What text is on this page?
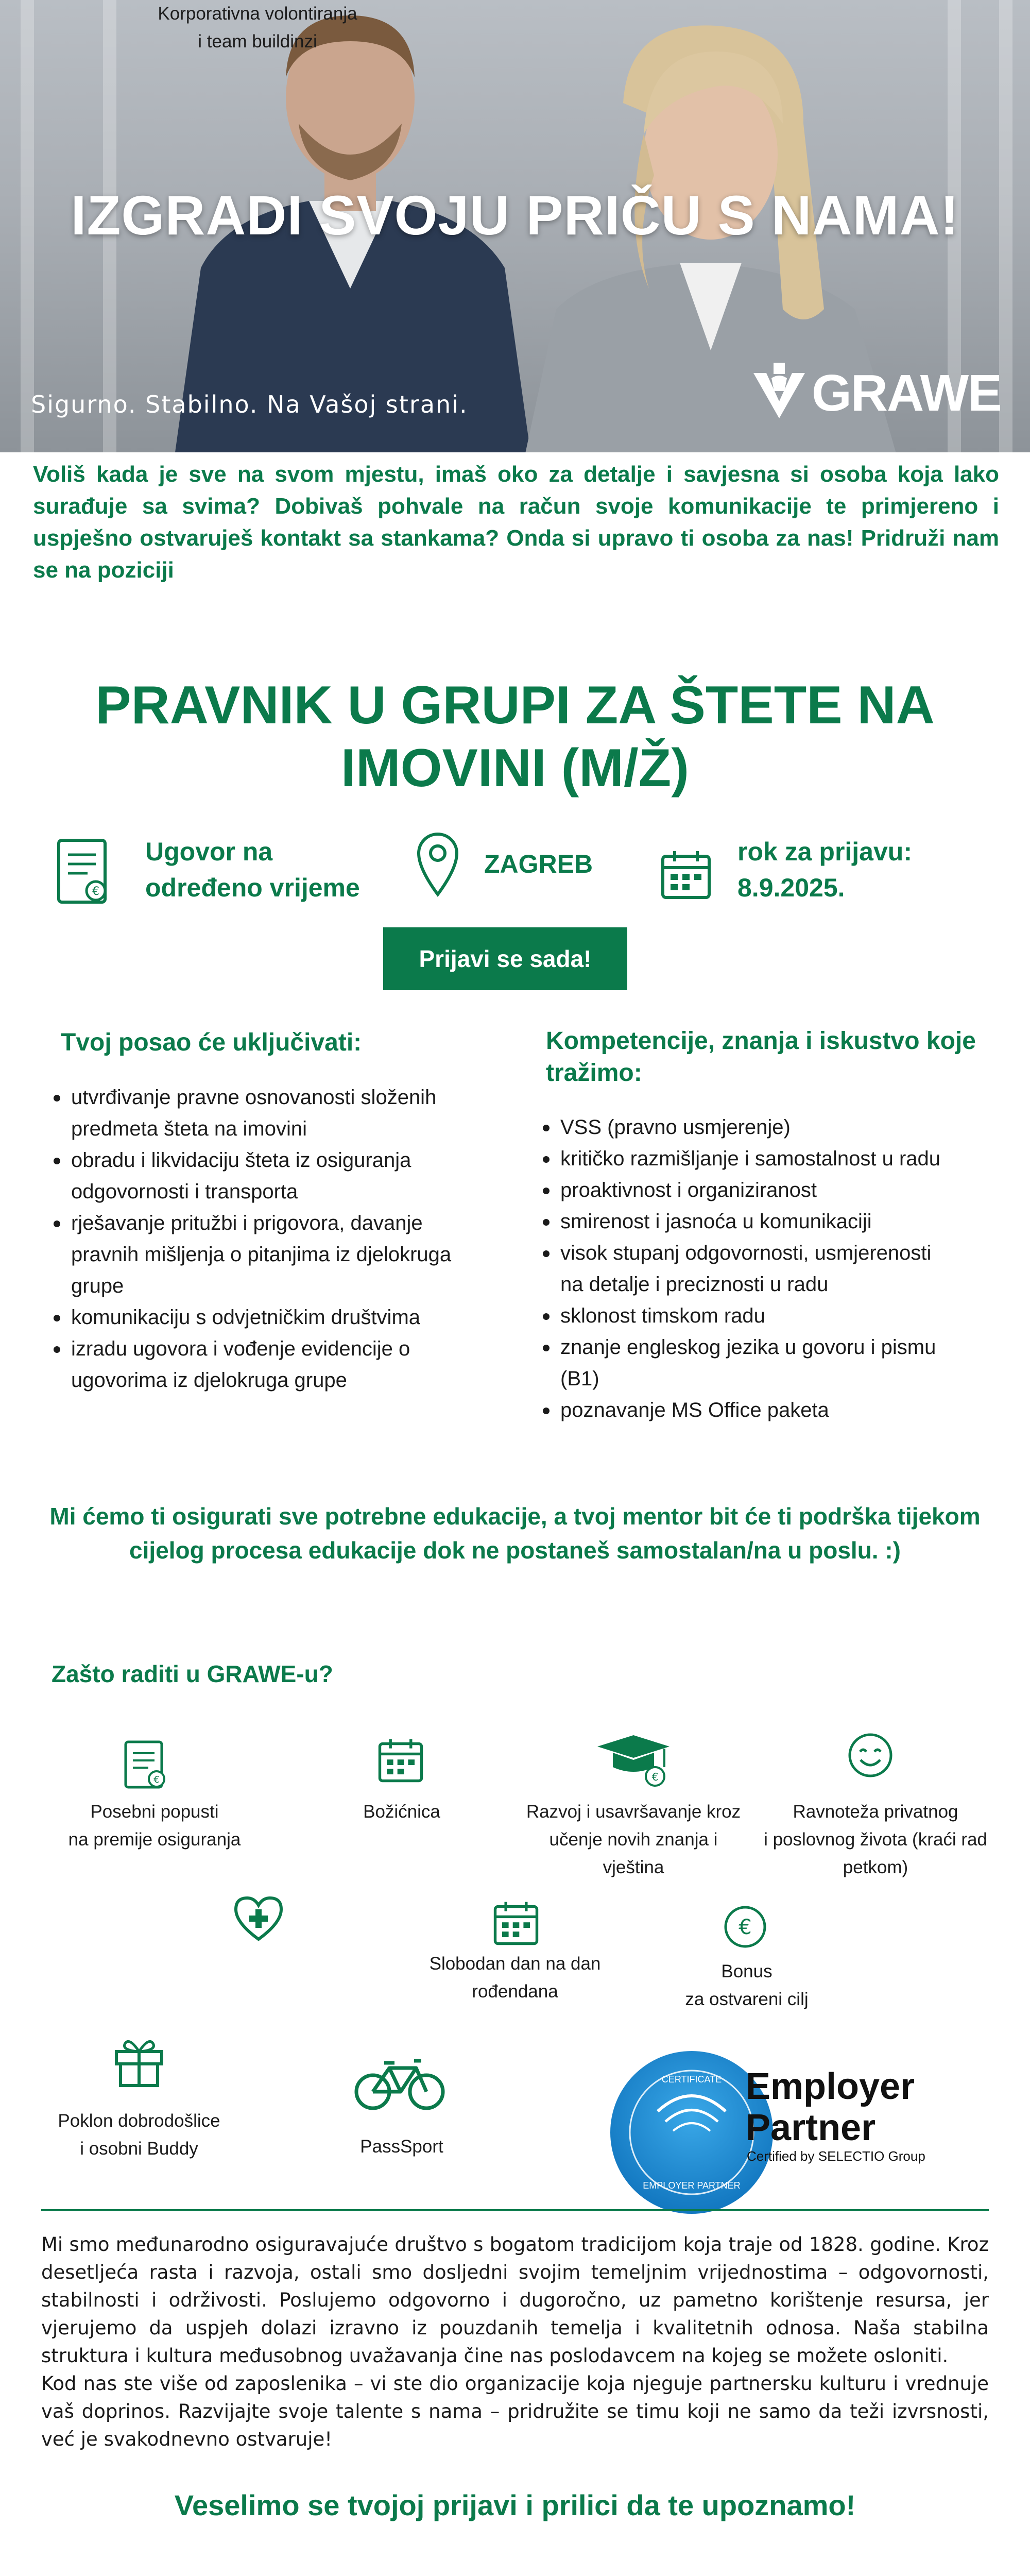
IZGRADI SVOJU PRIČU S NAMA!
Sigurno. Stabilno. Na Vašoj strani.	GRAWE
Voliš kada je sve na svom mjestu, imaš oko za detalje i savjesna si osoba koja lako surađuje sa svima? Dobivaš pohvale na račun svoje komunikacije te primjereno i uspješno ostvaruješ kontakt sa stankama? Onda si upravo ti osoba za nas! Pridruži nam se na poziciji
PRAVNIK U GRUPI ZA ŠTETE NA
IMOVINI (M/Ž)
€
Ugovor na
određeno vrijeme
ZAGREB	rok za prijavu:
8.9.2025.
Prijavi se sada!
Tvoj posao će uključivati:
utvrđivanje pravne osnovanosti složenih
predmeta šteta na imovini
obradu i likvidaciju šteta iz osiguranja
odgovornosti i transporta
rješavanje pritužbi i prigovora, davanje
pravnih mišljenja o pitanjima iz djelokruga
grupe
komunikaciju s odvjetničkim društvima
izradu ugovora i vođenje evidencije o
ugovorima iz djelokruga grupe
Kompetencije, znanja i iskustvo koje
tražimo:
VSS (pravno usmjerenje)
kritičko razmišljanje i samostalnost u radu
proaktivnost i organiziranost
smirenost i jasnoća u komunikaciji
visok stupanj odgovornosti, usmjerenosti
na detalje i preciznosti u radu
sklonost timskom radu
znanje engleskog jezika u govoru i pismu
(B1)
poznavanje MS Office paketa
Mi ćemo ti osigurati sve potrebne edukacije, a tvoj mentor bit će ti podrška tijekom
cijelog procesa edukacije dok ne postaneš samostalan/na u poslu. :)
Zašto raditi u GRAWE-u?
€
Posebni popusti
na premije osiguranja
Božićnica
€
Razvoj i usavršavanje kroz
učenje novih znanja i
vještina
Ravnoteža privatnog
i poslovnog života (kraći rad
petkom)
Korporativna volontiranja
i team buildinzi
Slobodan dan na dan
rođendana
€
Bonus
za ostvareni cilj
Poklon dobrodošlice
i osobni Buddy	PassSport
CERTIFICATE
EMPLOYER PARTNER
Employer
Partner
Certified by SELECTIO Group

Mi smo međunarodno osiguravajuće društvo s bogatom tradicijom koja traje od 1828. godine. Kroz desetljeća rasta i razvoja, ostali smo dosljedni svojim temeljnim vrijednostima – odgovornosti, stabilnosti i održivosti. Poslujemo odgovorno i dugoročno, uz pametno korištenje resursa, jer vjerujemo da uspjeh dolazi izravno iz pouzdanih temelja i kvalitetnih odnosa. Naša stabilna struktura i kultura međusobnog uvažavanja čine nas poslodavcem na kojeg se možete osloniti.

Kod nas ste više od zaposlenika – vi ste dio organizacije koja njeguje partnersku kulturu i vrednuje vaš doprinos. Razvijajte svoje talente s nama – pridružite se timu koji ne samo da teži izvrsnosti, već je svakodnevno ostvaruje!

Veselimo se tvojoj prijavi i prilici da te upoznamo!
